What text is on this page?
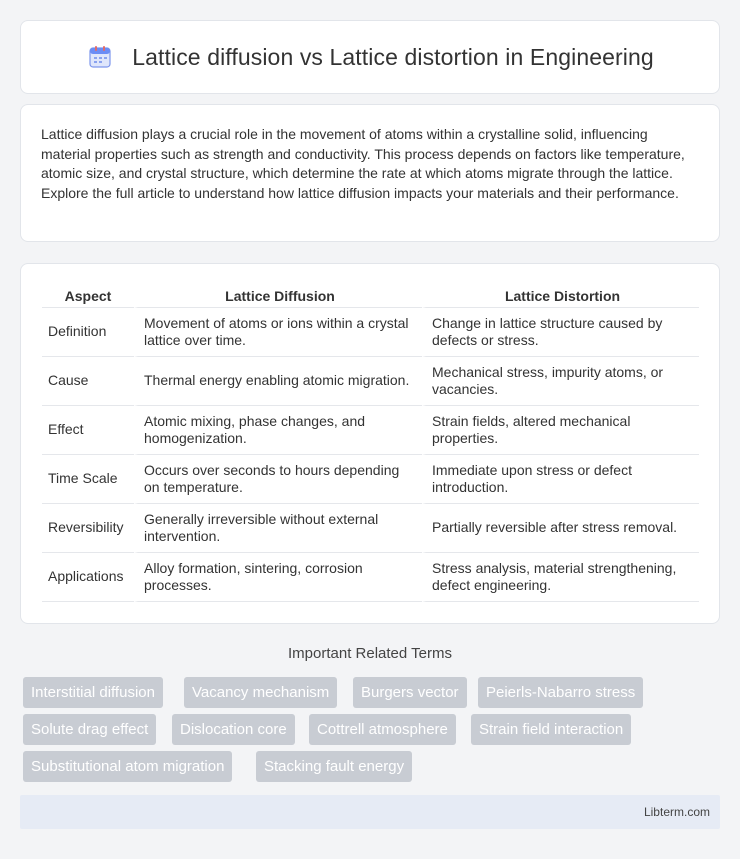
Lattice diffusion vs Lattice distortion in Engineering

Lattice diffusion plays a crucial role in the movement of atoms within a crystalline solid, influencing material properties such as strength and conductivity. This process depends on factors like temperature, atomic size, and crystal structure, which determine the rate at which atoms migrate through the lattice. Explore the full article to understand how lattice diffusion impacts your materials and their performance.

Aspect	Lattice Diffusion	Lattice Distortion
Definition	Movement of atoms or ions within a crystal lattice over time.	Change in lattice structure caused by defects or stress.
Cause	Thermal energy enabling atomic migration.	Mechanical stress, impurity atoms, or vacancies.
Effect	Atomic mixing, phase changes, and homogenization.	Strain fields, altered mechanical properties.
Time Scale	Occurs over seconds to hours depending on temperature.	Immediate upon stress or defect introduction.
Reversibility	Generally irreversible without external intervention.	Partially reversible after stress removal.
Applications	Alloy formation, sintering, corrosion processes.	Stress analysis, material strengthening, defect engineering.
Important Related Terms
Interstitial diffusion	Vacancy mechanism	Burgers vector	Peierls-Nabarro stress
Solute drag effect	Dislocation core	Cottrell atmosphere	Strain field interaction
Substitutional atom migration	Stacking fault energy
Libterm.com
